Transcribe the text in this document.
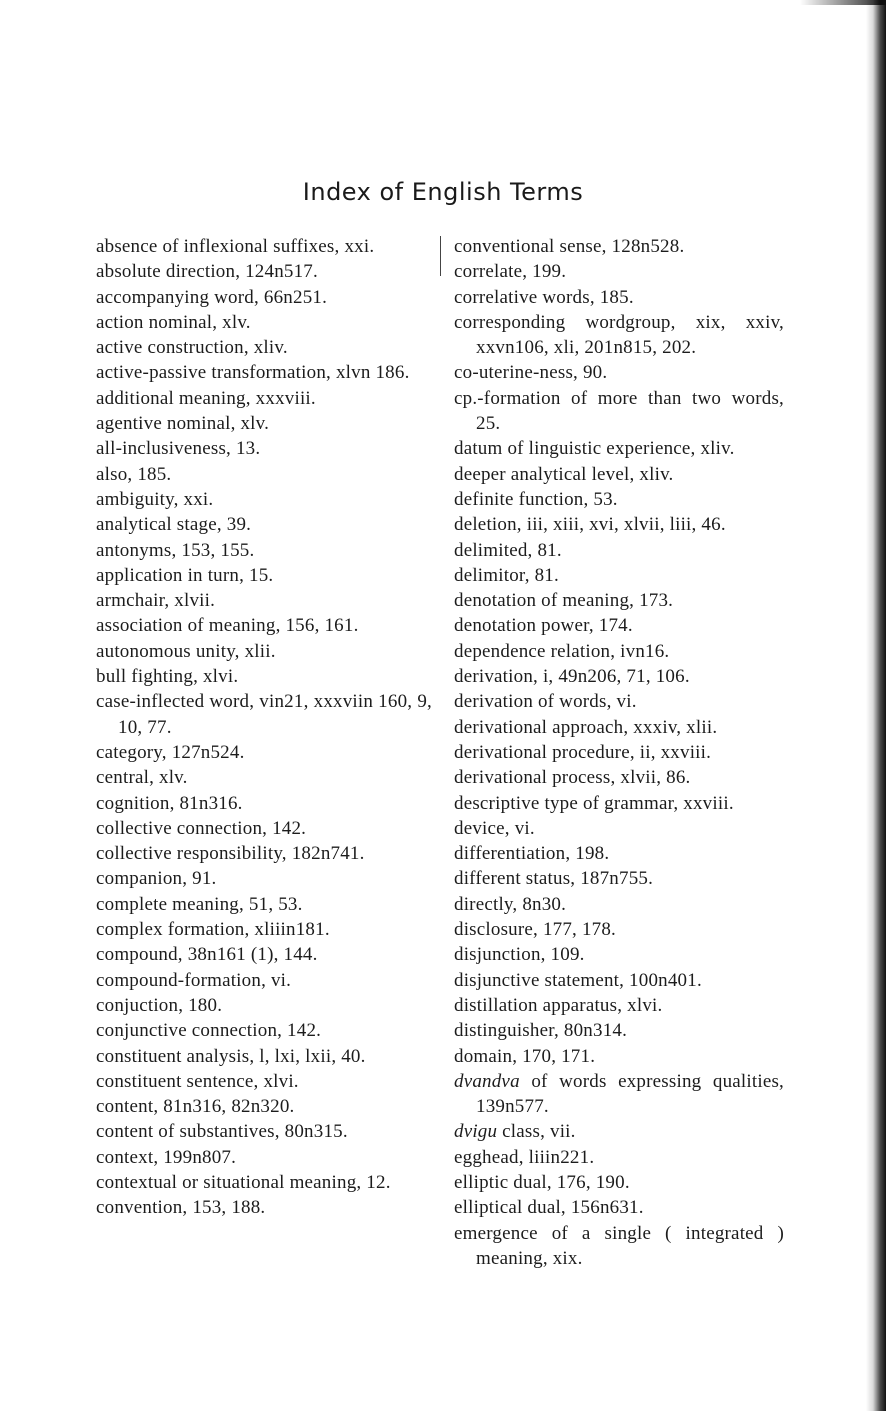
Index of English Terms
absence of inflexional suffixes, xxi.
absolute direction, 124n517.
accompanying word, 66n251.
action nominal, xlv.
active construction, xliv.
active-passive transformation, xlvn 186.
additional meaning, xxxviii.
agentive nominal, xlv.
all-inclusiveness, 13.
also, 185.
ambiguity, xxi.
analytical stage, 39.
antonyms, 153, 155.
application in turn, 15.
armchair, xlvii.
association of meaning, 156, 161.
autonomous unity, xlii.
bull fighting, xlvi.
case-inflected word, vin21, xxxviin 160, 9, 10, 77.
category, 127n524.
central, xlv.
cognition, 81n316.
collective connection, 142.
collective responsibility, 182n741.
companion, 91.
complete meaning, 51, 53.
complex formation, xliiin181.
compound, 38n161 (1), 144.
compound-formation, vi.
conjuction, 180.
conjunctive connection, 142.
constituent analysis, l, lxi, lxii, 40.
constituent sentence, xlvi.
content, 81n316, 82n320.
content of substantives, 80n315.
context, 199n807.
contextual or situational meaning, 12.
convention, 153, 188.
conventional sense, 128n528.
correlate, 199.
correlative words, 185.
corresponding wordgroup, xix, xxiv, xxvn106, xli, 201n815, 202.
co-uterine-ness, 90.
cp.-formation of more than two words, 25.
datum of linguistic experience, xliv.
deeper analytical level, xliv.
definite function, 53.
deletion, iii, xiii, xvi, xlvii, liii, 46.
delimited, 81.
delimitor, 81.
denotation of meaning, 173.
denotation power, 174.
dependence relation, ivn16.
derivation, i, 49n206, 71, 106.
derivation of words, vi.
derivational approach, xxxiv, xlii.
derivational procedure, ii, xxviii.
derivational process, xlvii, 86.
descriptive type of grammar, xxviii.
device, vi.
differentiation, 198.
different status, 187n755.
directly, 8n30.
disclosure, 177, 178.
disjunction, 109.
disjunctive statement, 100n401.
distillation apparatus, xlvi.
distinguisher, 80n314.
domain, 170, 171.
dvandva of words expressing qualities, 139n577.
dvigu class, vii.
egghead, liiin221.
elliptic dual, 176, 190.
elliptical dual, 156n631.
emergence of a single ( integrated ) meaning, xix.
